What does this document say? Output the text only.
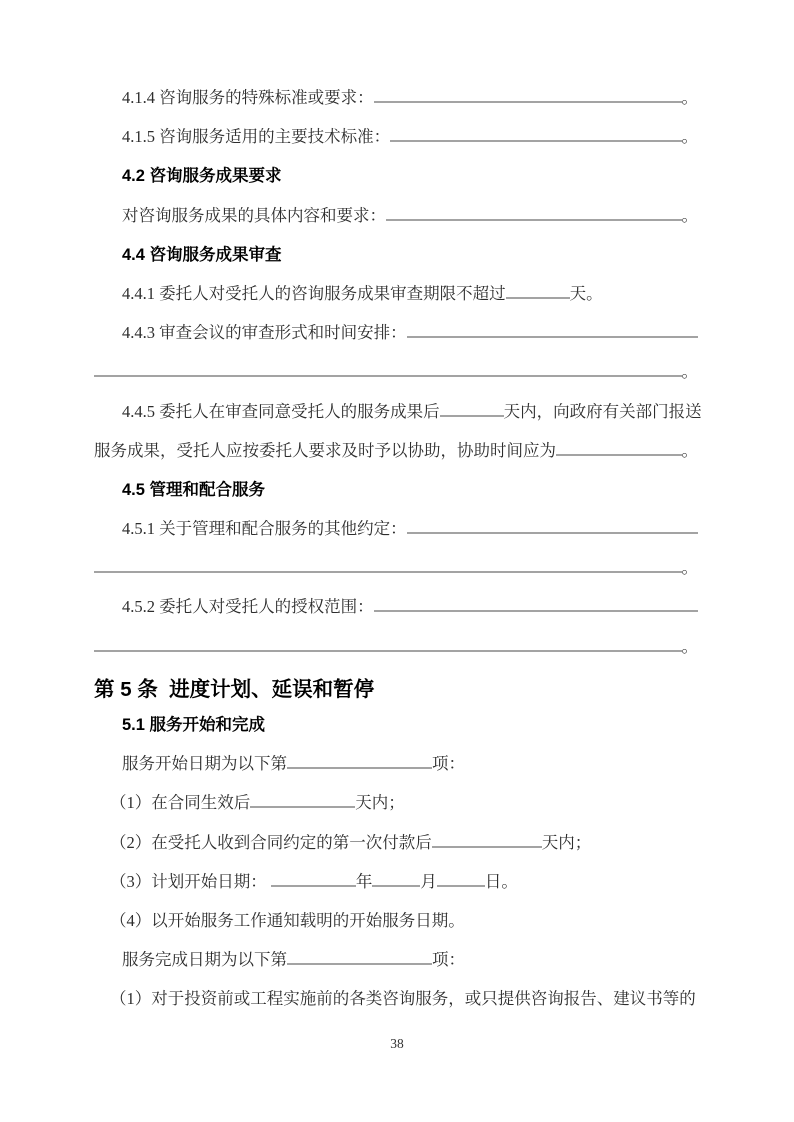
4.1.4 咨询服务的特殊标准或要求：	。
4.1.5 咨询服务适用的主要技术标准：	。
4.2 咨询服务成果要求
对咨询服务成果的具体内容和要求：	。
4.4 咨询服务成果审查
4.4.1 委托人对受托人的咨询服务成果审查期限不超过	天。
4.4.3 审查会议的审查形式和时间安排：
。
4.4.5 委托人在审查同意受托人的服务成果后	天内，向政府有关部门报送
服务成果，受托人应按委托人要求及时予以协助，协助时间应为	。
4.5 管理和配合服务
4.5.1 关于管理和配合服务的其他约定：
。
4.5.2 委托人对受托人的授权范围：
。
第 5 条  进度计划、延误和暂停
5.1 服务开始和完成
服务开始日期为以下第	项：
（1）在合同生效后	天内；
（2）在受托人收到合同约定的第一次付款后	天内；
（3）计划开始日期：	年	月	日。
（4）以开始服务工作通知载明的开始服务日期。
服务完成日期为以下第	项：
（1）对于投资前或工程实施前的各类咨询服务，或只提供咨询报告、建议书等的
38
